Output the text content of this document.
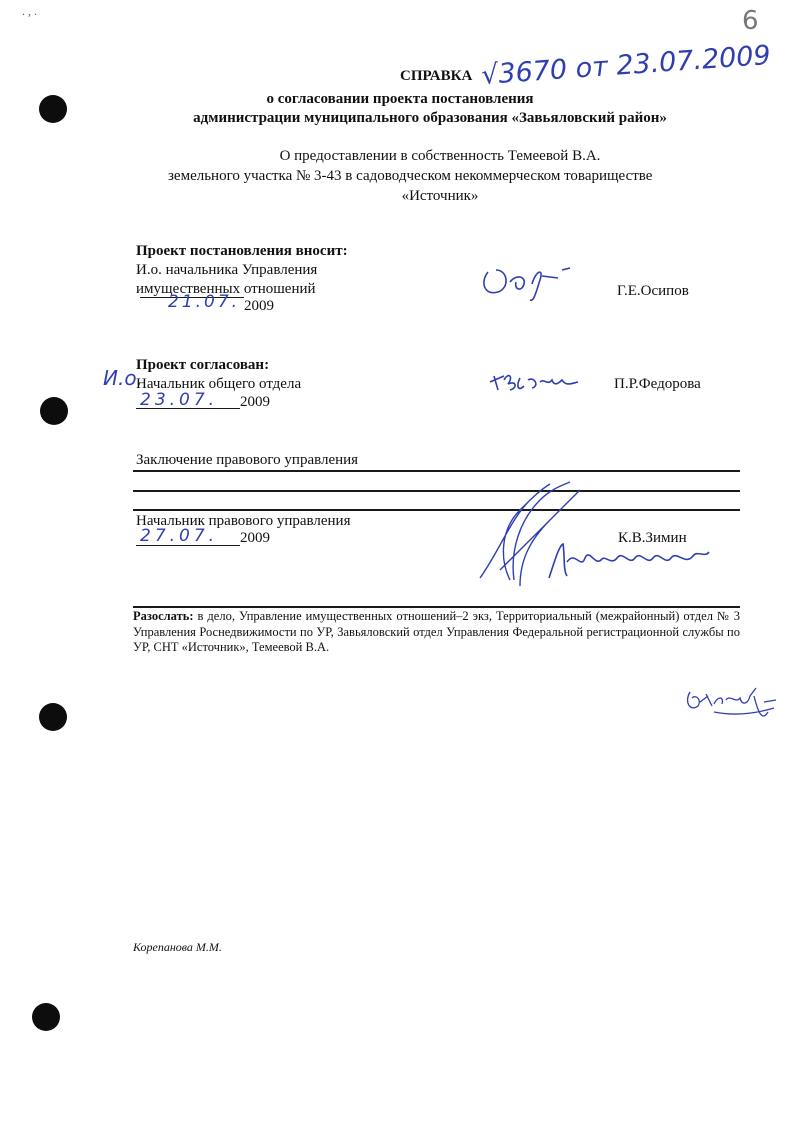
. , .	6
СПРАВКА √3670 от 23.07.2009
о согласовании проекта постановления
администрации муниципального образования «Завьяловский район»
О предоставлении в собственность Темеевой В.А.
земельного участка № 3-43 в садоводческом некоммерческом товариществе
«Источник»
Проект постановления вносит:
И.о. начальника Управления
имущественных отношений
21.07. 2009
Г.Е.Осипов
Проект согласован:
И.о.
Начальник общего отдела
23.07. 2009
П.Р.Федорова
Заключение правового управления
Начальник правового управления
27.07. 2009	К.В.Зимин
Разослать: в дело, Управление имущественных отношений–2 экз, Территориальный (межрайонный) отдел № 3 Управления Роснедвижимости по УР, Завьяловский отдел Управления Федеральной регистрационной службы по УР, СНТ «Источник», Темеевой В.А.
Корепанова М.М.
